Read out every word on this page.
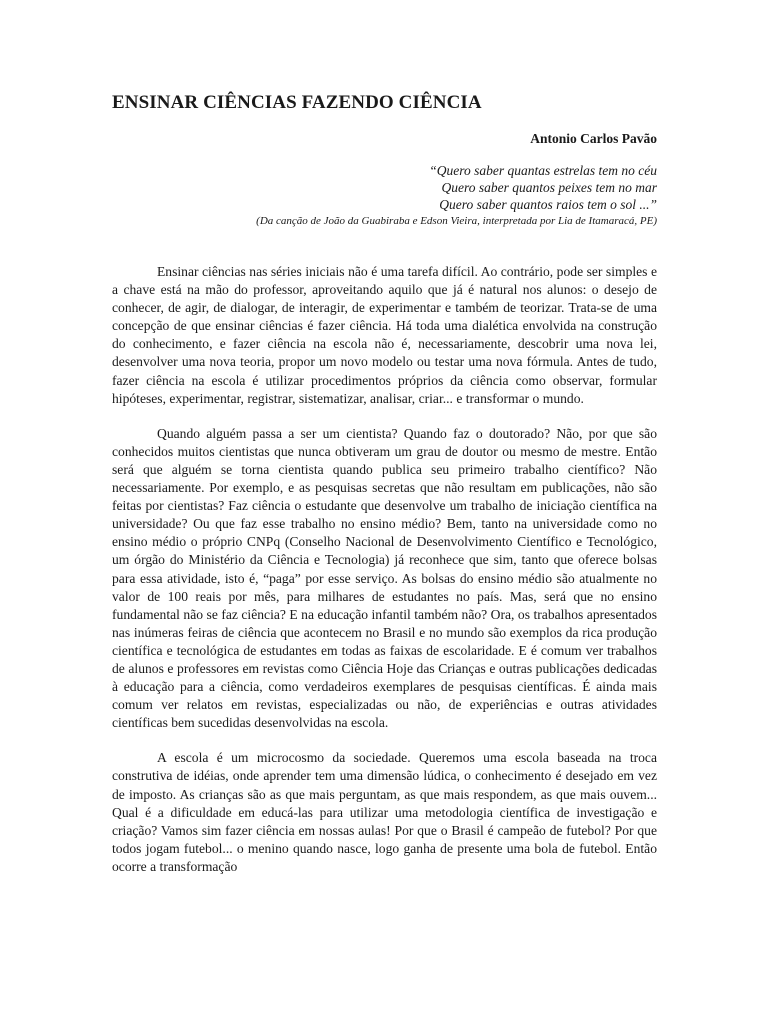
ENSINAR CIÊNCIAS FAZENDO CIÊNCIA
Antonio Carlos Pavão
“Quero saber quantas estrelas tem no céu
Quero saber quantos peixes tem no mar
Quero saber quantos raios tem o sol ...”
(Da canção de João da Guabiraba e Edson Vieira, interpretada por Lia de Itamaracá, PE)

Ensinar ciências nas séries iniciais não é uma tarefa difícil. Ao contrário, pode ser simples e a chave está na mão do professor, aproveitando aquilo que já é natural nos alunos: o desejo de conhecer, de agir, de dialogar, de interagir, de experimentar e também de teorizar. Trata-se de uma concepção de que ensinar ciências é fazer ciência. Há toda uma dialética envolvida na construção do conhecimento, e fazer ciência na escola não é, necessariamente, descobrir uma nova lei, desenvolver uma nova teoria, propor um novo modelo ou testar uma nova fórmula. Antes de tudo, fazer ciência na escola é utilizar procedimentos próprios da ciência como observar, formular hipóteses, experimentar, registrar, sistematizar, analisar, criar... e transformar o mundo.

Quando alguém passa a ser um cientista? Quando faz o doutorado? Não, por que são conhecidos muitos cientistas que nunca obtiveram um grau de doutor ou mesmo de mestre. Então será que alguém se torna cientista quando publica seu primeiro trabalho científico? Não necessariamente. Por exemplo, e as pesquisas secretas que não resultam em publicações, não são feitas por cientistas? Faz ciência o estudante que desenvolve um trabalho de iniciação científica na universidade? Ou que faz esse trabalho no ensino médio? Bem, tanto na universidade como no ensino médio o próprio CNPq (Conselho Nacional de Desenvolvimento Científico e Tecnológico, um órgão do Ministério da Ciência e Tecnologia) já reconhece que sim, tanto que oferece bolsas para essa atividade, isto é, “paga” por esse serviço. As bolsas do ensino médio são atualmente no valor de 100 reais por mês, para milhares de estudantes no país. Mas, será que no ensino fundamental não se faz ciência? E na educação infantil também não? Ora, os trabalhos apresentados nas inúmeras feiras de ciência que acontecem no Brasil e no mundo são exemplos da rica produção científica e tecnológica de estudantes em todas as faixas de escolaridade. E é comum ver trabalhos de alunos e professores em revistas como Ciência Hoje das Crianças e outras publicações dedicadas à educação para a ciência, como verdadeiros exemplares de pesquisas científicas. É ainda mais comum ver relatos em revistas, especializadas ou não, de experiências e outras atividades científicas bem sucedidas desenvolvidas na escola.

A escola é um microcosmo da sociedade. Queremos uma escola baseada na troca construtiva de idéias, onde aprender tem uma dimensão lúdica, o conhecimento é desejado em vez de imposto. As crianças são as que mais perguntam, as que mais respondem, as que mais ouvem... Qual é a dificuldade em educá-las para utilizar uma metodologia científica de investigação e criação? Vamos sim fazer ciência em nossas aulas! Por que o Brasil é campeão de futebol? Por que todos jogam futebol... o menino quando nasce, logo ganha de presente uma bola de futebol. Então ocorre a transformação
